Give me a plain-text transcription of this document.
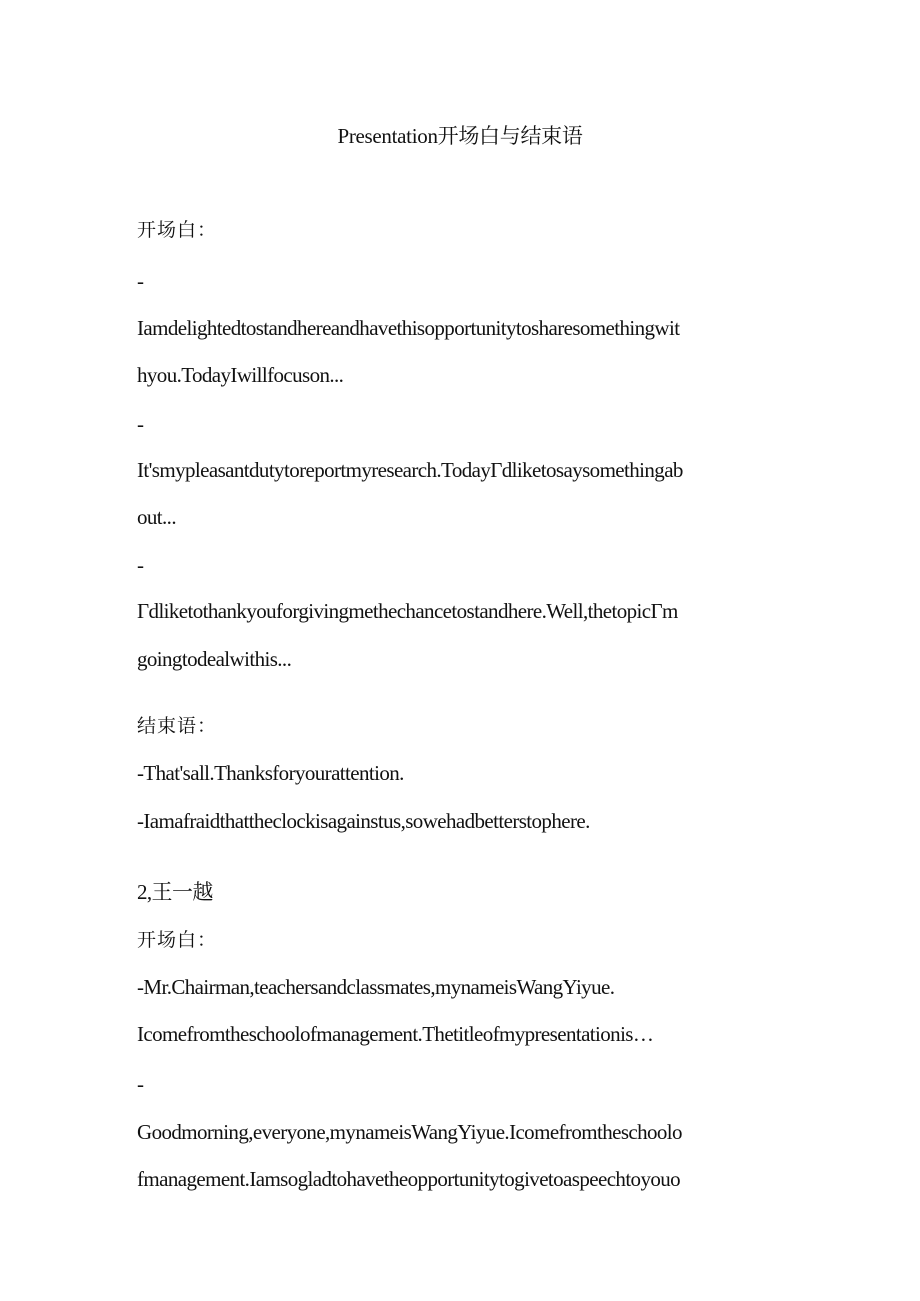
Presentation开场白与结束语
开场白：
-
Iamdelightedtostandhereandhavethisopportunitytosharesomethingwit
hyou.TodayIwillfocuson...
-
It'smypleasantdutytoreportmyresearch.TodayΓdliketosaysomethingab
out...
-
Γdliketothankyouforgivingmethechancetostandhere.Well,thetopicΓm
goingtodealwithis...
结束语：
-That'sall.Thanksforyourattention.
-Iamafraidthattheclockisagainstus,sowehadbetterstophere.
2,王一越
开场白：
-Mr.Chairman,teachersandclassmates,mynameisWangYiyue.
Icomefromtheschoolofmanagement.Thetitleofmypresentationis…
-
Goodmorning,everyone,mynameisWangYiyue.Icomefromtheschoolo
fmanagement.Iamsogladtohavetheopportunitytogivetoaspeechtoyouo
